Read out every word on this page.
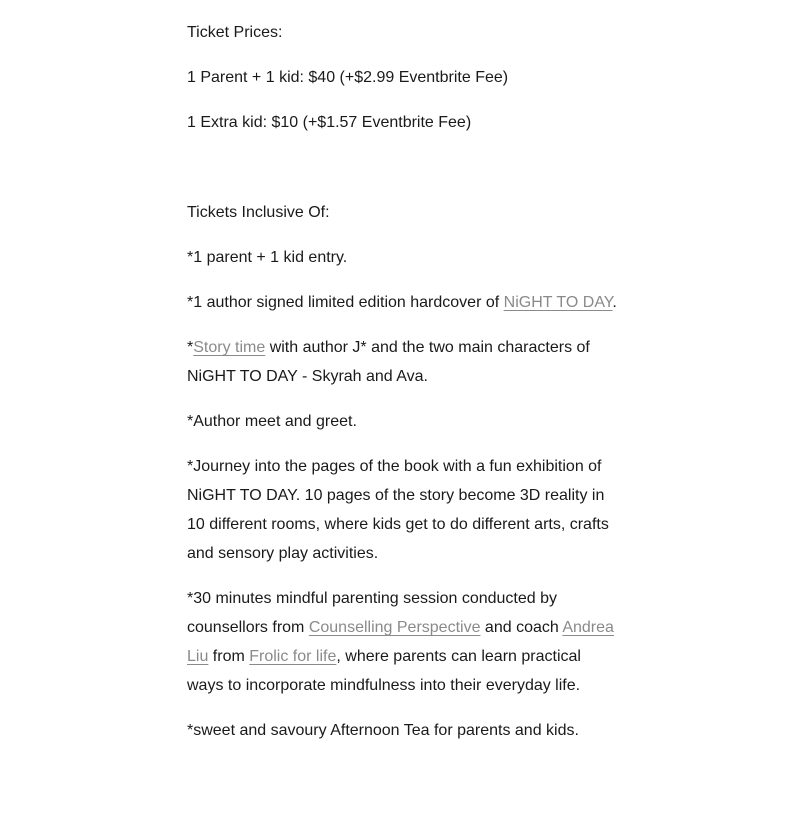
Ticket Prices:

1 Parent + 1 kid: $40 (+$2.99 Eventbrite Fee)

1 Extra kid: $10 (+$1.57 Eventbrite Fee)

Tickets Inclusive Of:

*1 parent + 1 kid entry.

*1 author signed limited edition hardcover of NiGHT TO DAY.

*Story time with author J* and the two main characters of NiGHT TO DAY - Skyrah and Ava.

*Author meet and greet.

*Journey into the pages of the book with a fun exhibition of NiGHT TO DAY. 10 pages of the story become 3D reality in 10 different rooms, where kids get to do different arts, crafts and sensory play activities.

*30 minutes mindful parenting session conducted by counsellors from Counselling Perspective and coach Andrea Liu from Frolic for life, where parents can learn practical ways to incorporate mindfulness into their everyday life.

*sweet and savoury Afternoon Tea for parents and kids.
